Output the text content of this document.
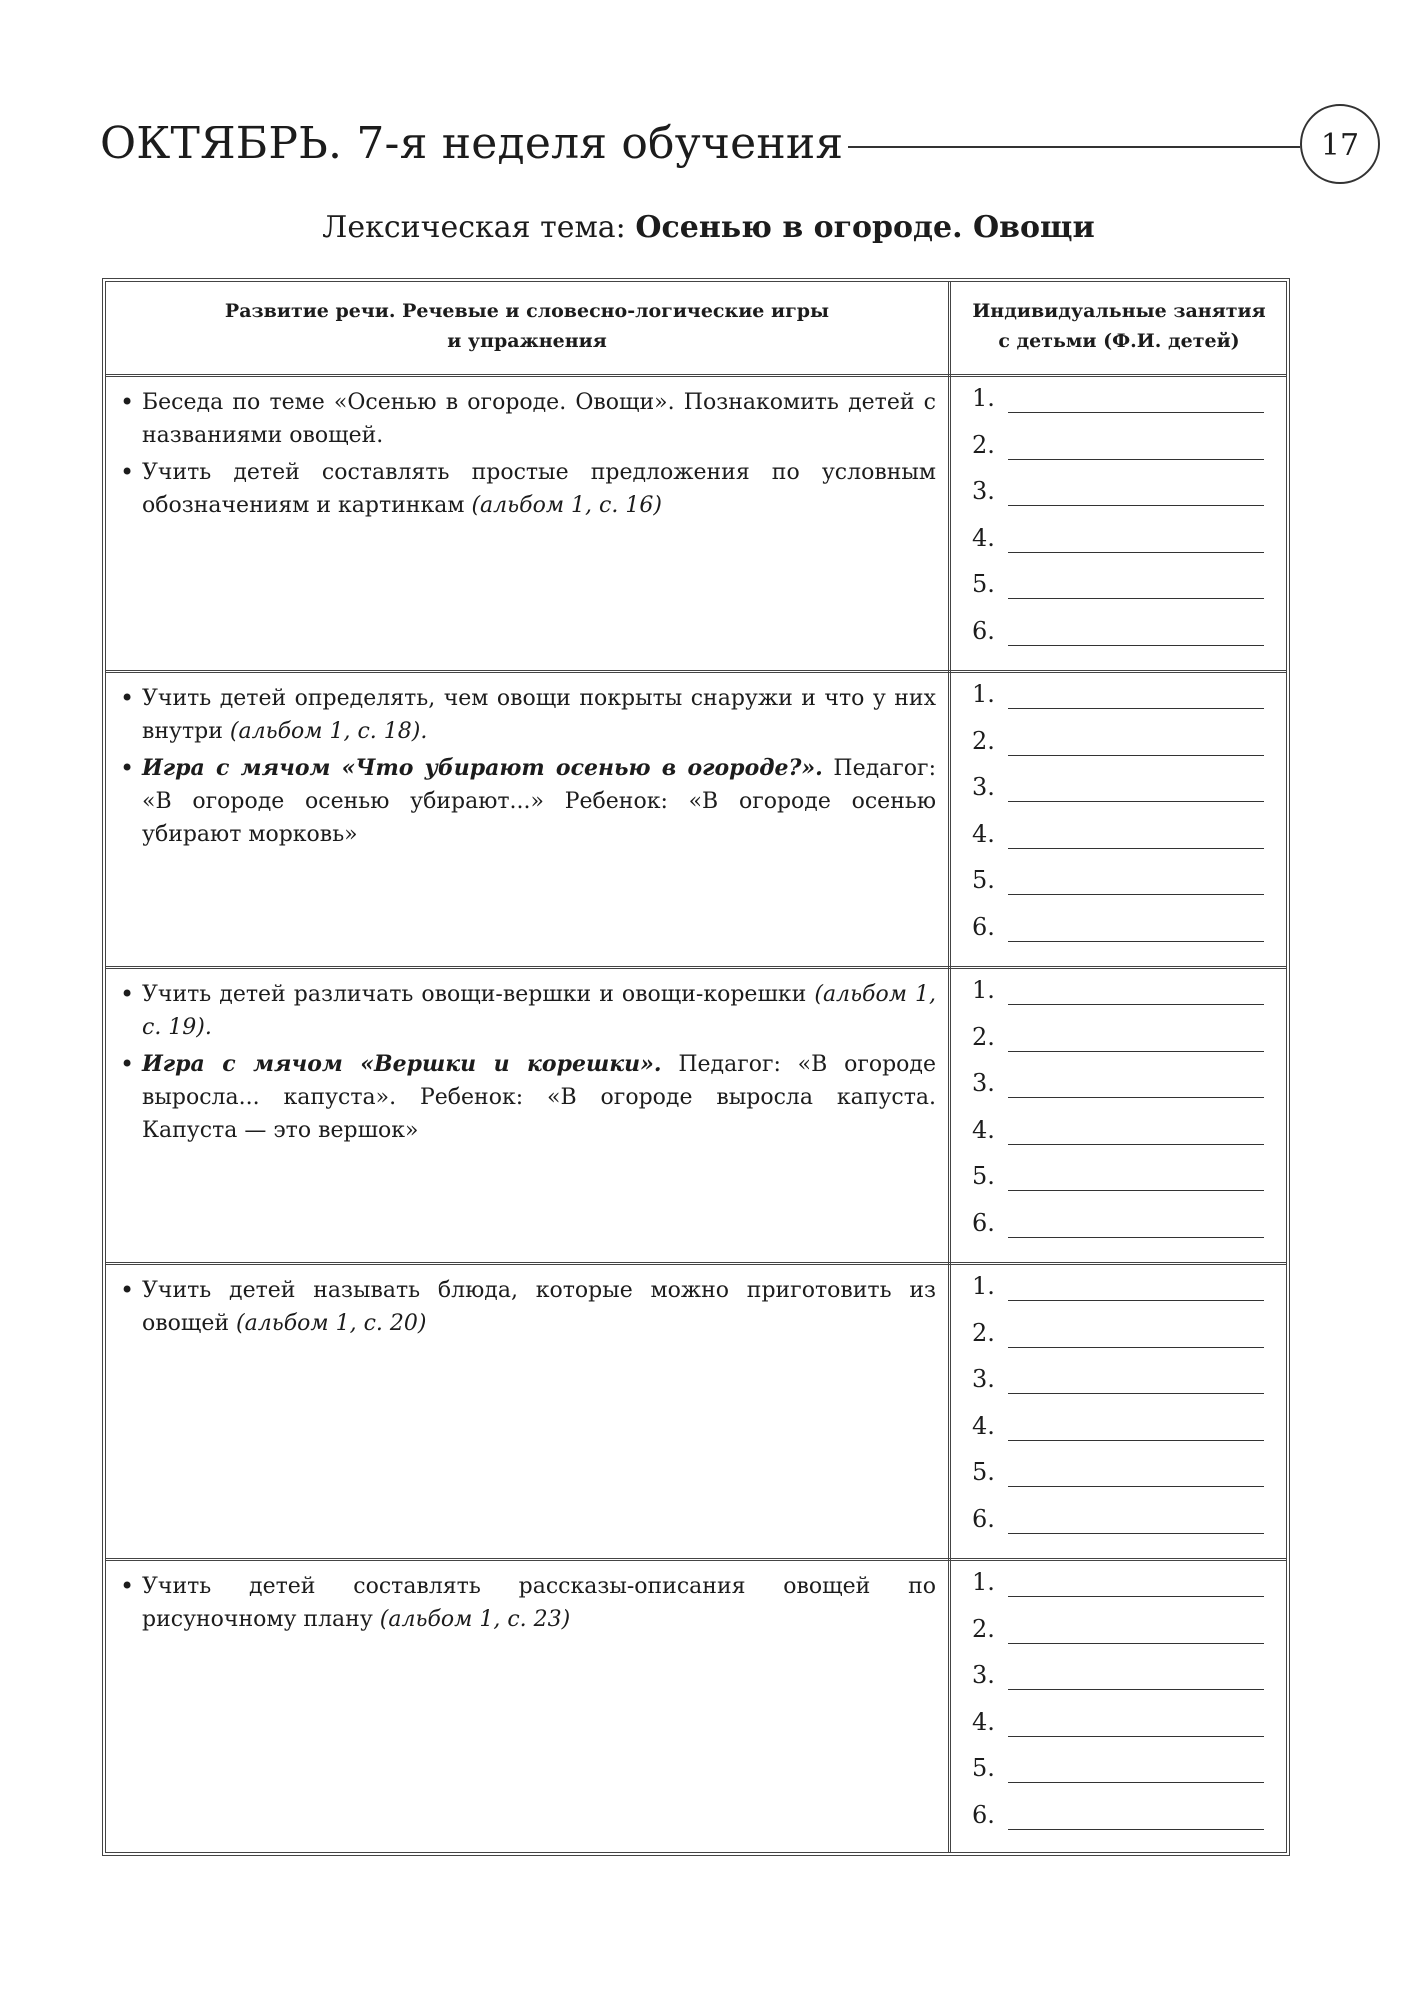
ОКТЯБРЬ. 7-я неделя обучения	17
Лексическая тема: Осенью в огороде. Овощи
Развитие речи. Речевые и словесно-логические игры
и упражнения
Индивидуальные занятия
с детьми (Ф.И. детей)

• Беседа по теме «Осенью в огороде. Овощи». Познакомить детей с названиями овощей.

• Учить детей составлять простые предложения по условным обозначениям и картинкам (альбом 1, с. 16)

1.
2.
3.
4.
5.
6.

• Учить детей определять, чем овощи покрыты снаружи и что у них внутри (альбом 1, с. 18).

• Игра с мячом «Что убирают осенью в огороде?». Педагог: «В огороде осенью убирают...» Ребенок: «В огороде осенью убирают морковь»

1.
2.
3.
4.
5.
6.

• Учить детей различать овощи-вершки и овощи-корешки (альбом 1, с. 19).

• Игра с мячом «Вершки и корешки». Педагог: «В огороде выросла... капуста». Ребенок: «В огороде выросла капуста. Капуста — это вершок»

1.
2.
3.
4.
5.
6.

• Учить детей называть блюда, которые можно приготовить из овощей (альбом 1, с. 20)

1.
2.
3.
4.
5.
6.

• Учить детей составлять рассказы-описания овощей по рисуночному плану (альбом 1, с. 23)

1.
2.
3.
4.
5.
6.
